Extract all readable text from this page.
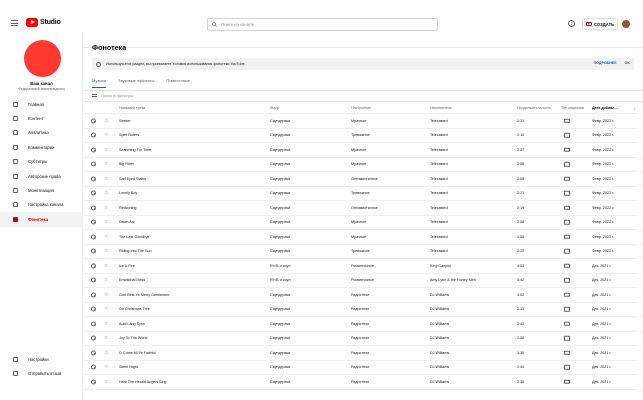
Studio
Поиск на канале	?
+	СОЗДАТЬ
Ваш канал
Федеральный землевладелец
Главная
Контент
Аналитика
Комментарии
Субтитры
Авторские права
Монетизация
Настройка канала
Фонотека
Настройки
Отправить отзыв
Фонотека
Используя этот раздел, вы принимаете Условия использования фонотеки YouTube.	ПОДРОБНЕЕ OK
Музыка	Звуковые эффекты	Помеченные
Поиск и фильтры
Название трека	Жанр	Настроение	Исполнитель	Продолжительность	Тип лицензии	Дата добавл...	↓
☆	Seeker	Саундтреки	Мрачное	Telecasted	2:31	Февр. 2022 г.
☆	Spirit Riders	Саундтреки	Тревожное	Telecasted	2:10	Февр. 2022 г.
☆	Searching For Time	Саундтреки	Мрачное	Telecasted	2:07	Февр. 2022 г.
☆	Big River	Саундтреки	Мрачное	Telecasted	2:08	Февр. 2022 г.
☆	Sad Eyed Stalks	Саундтреки	Оптимистичное	Telecasted	2:09	Февр. 2022 г.
☆	Lonely Boy	Саундтреки	Тревожное	Telecasted	2:21	Февр. 2022 г.
☆	Reckoning	Саундтреки	Оптимистичное	Telecasted	2:19	Февр. 2022 г.
☆	Dawn Arc	Саундтреки	Мрачное	Telecasted	2:08	Февр. 2022 г.
☆	The Last Goodbye	Саундтреки	Мрачное	Telecasted	1:56	Февр. 2022 г.
☆	Riding Into The Sun	Саундтреки	Тревожное	Telecasted	2:20	Февр. 2022 г.
☆	Ice & Fire	R'n'B и соул	Романтичное	King Canyon	4:03	Дек. 2021 г.
☆	Emotional Mess	R'n'B и соул	Романтичное	Amy Lynn & the Honey Men	3:42	Дек. 2021 г.
☆	God Rest Ye Merry Gentlemen	Саундтреки	Радостное	DJ Williams	3:02	Дек. 2021 г.
☆	Oh Christmas Tree	Саундтреки	Радостное	DJ Williams	2:13	Дек. 2021 г.
☆	Auld Lang Syne	Саундтреки	Радостное	DJ Williams	2:43	Дек. 2021 г.
☆	Joy To The World	Саундтреки	Радостное	DJ Williams	2:08	Дек. 2021 г.
☆	O Come All Ye Faithful	Саундтреки	Радостное	DJ Williams	3:30	Дек. 2021 г.
☆	Silent Night	Саундтреки	Радостное	DJ Williams	2:44	Дек. 2021 г.
☆	Hark The Herald Angels Sing	Саундтреки	Радостное	DJ Williams	2:36	Дек. 2021 г.
